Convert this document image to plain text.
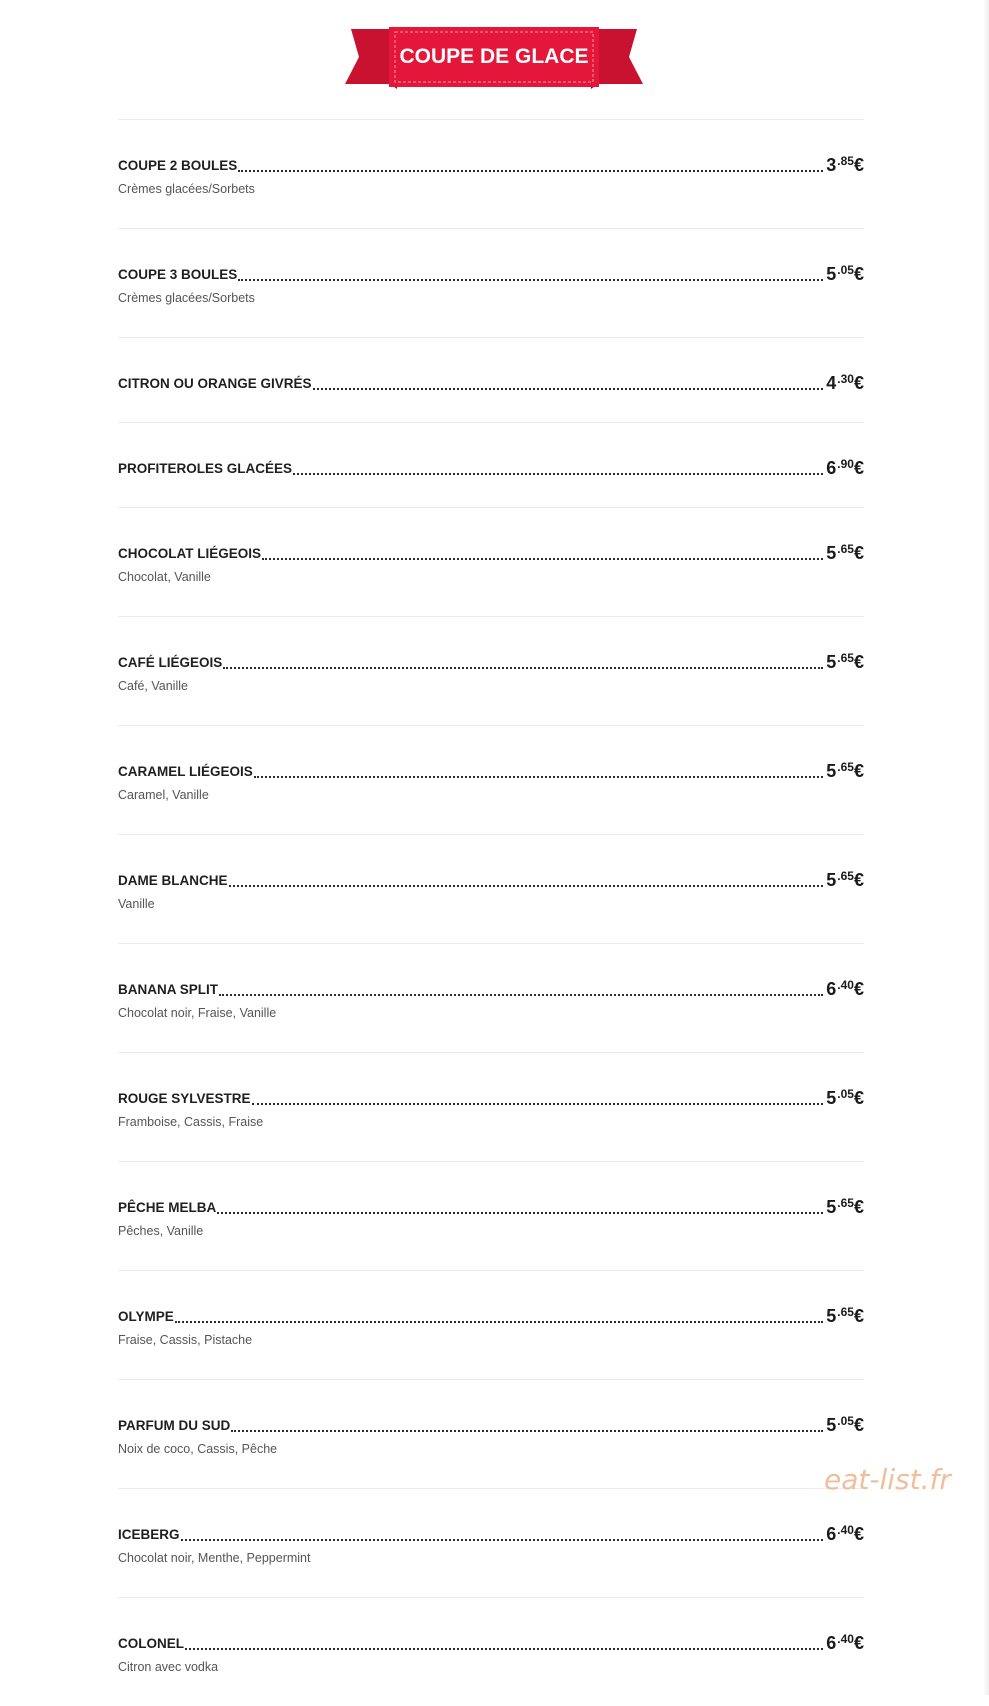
COUPE DE GLACE
COUPE 2 BOULES	$3^{.85}€$
Crèmes glacées/Sorbets
COUPE 3 BOULES	$5^{.05}€$
Crèmes glacées/Sorbets
CITRON OU ORANGE GIVRÉS	$4^{.30}€$
PROFITEROLES GLACÉES	$6^{.90}€$
CHOCOLAT LIÉGEOIS	$5^{.65}€$
Chocolat, Vanille
CAFÉ LIÉGEOIS	$5^{.65}€$
Café, Vanille
CARAMEL LIÉGEOIS	$5^{.65}€$
Caramel, Vanille
DAME BLANCHE	$5^{.65}€$
Vanille
BANANA SPLIT	$6^{.40}€$
Chocolat noir, Fraise, Vanille
ROUGE SYLVESTRE	$5^{.05}€$
Framboise, Cassis, Fraise
PÊCHE MELBA	$5^{.65}€$
Pêches, Vanille
OLYMPE	$5^{.65}€$
Fraise, Cassis, Pistache
PARFUM DU SUD	$5^{.05}€$
Noix de coco, Cassis, Pêche
ICEBERG	$6^{.40}€$
Chocolat noir, Menthe, Peppermint
COLONEL	$6^{.40}€$
Citron avec vodka
eat-list.fr
